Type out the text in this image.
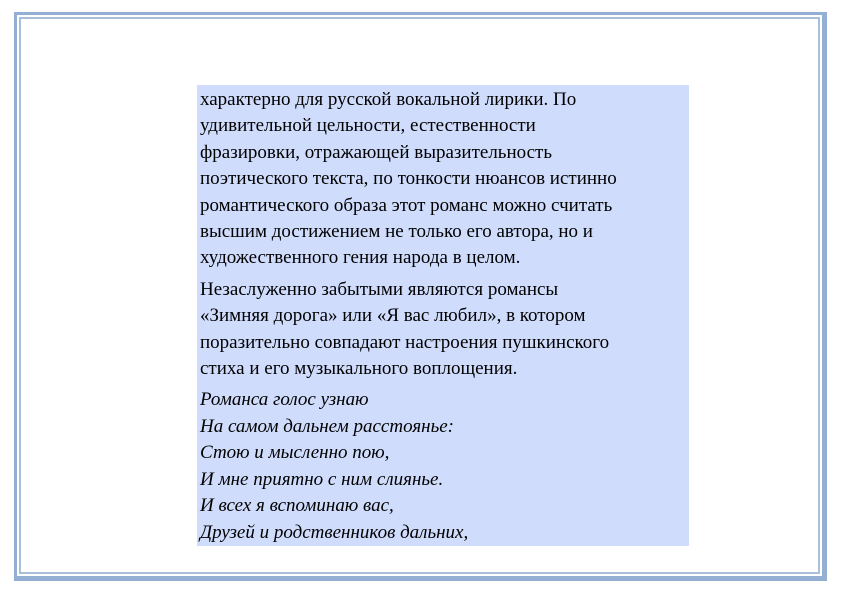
характерно для русской вокальной лирики. По
удивительной цельности, естественности
фразировки, отражающей выразительность
поэтического текста, по тонкости нюансов истинно
романтического образа этот романс можно считать
высшим достижением не только его автора, но и
художественного гения народа в целом.

Незаслуженно забытыми являются романсы
«Зимняя дорога» или «Я вас любил», в котором
поразительно совпадают настроения пушкинского
стиха и его музыкального воплощения.

Романса голос узнаю
На самом дальнем расстоянье:
Стою и мысленно пою,
И мне приятно с ним слиянье.
И всех я вспоминаю вас,
Друзей и родственников дальних,
